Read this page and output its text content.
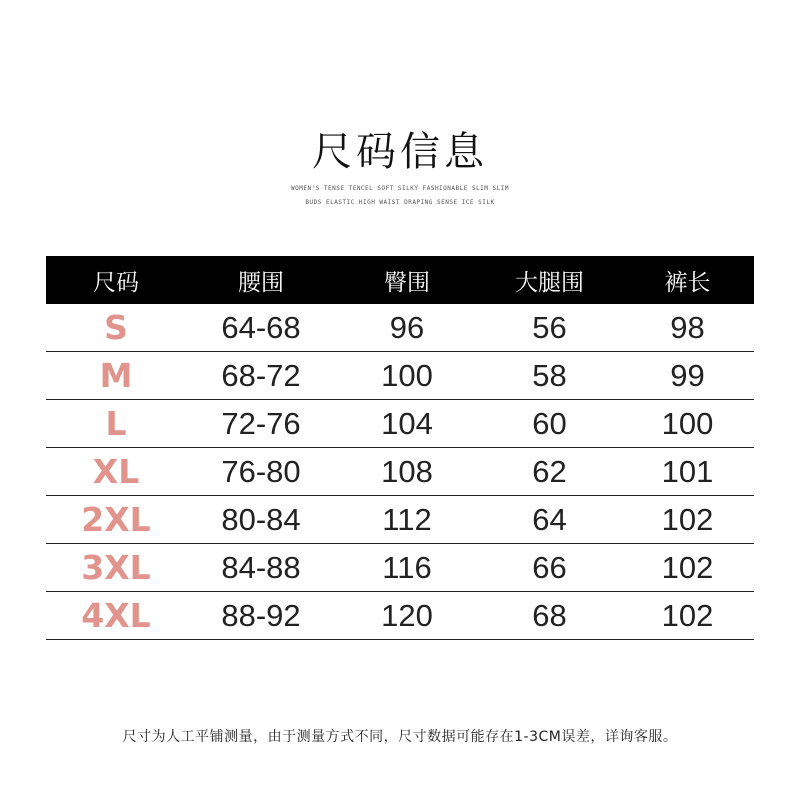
尺码信息
WOMEN'S TENSE TENCEL SOFT SILKY FASHIONABLE SLIM SLIM
BUDS ELASTIC HIGH WAIST DRAPING SENSE ICE SILK
尺码	腰围	臀围	大腿围	裤长
S	64-68	96	56	98
M	68-72	100	58	99
L	72-76	104	60	100
XL	76-80	108	62	101
2XL	80-84	112	64	102
3XL	84-88	116	66	102
4XL	88-92	120	68	102
尺寸为人工平铺测量，由于测量方式不同，尺寸数据可能存在1-3CM误差，详询客服。
